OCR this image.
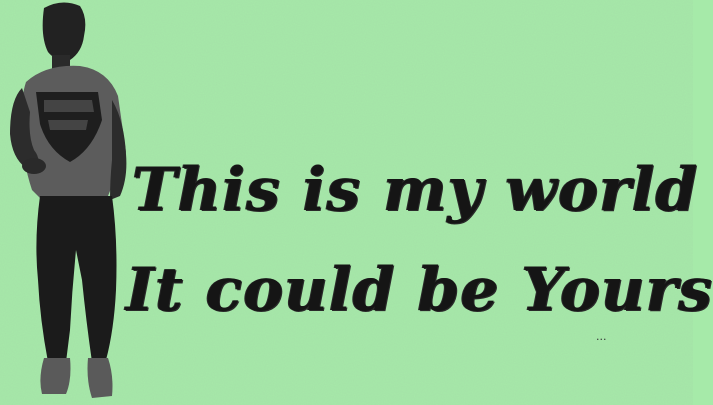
This is my world
It could be Yours
...
